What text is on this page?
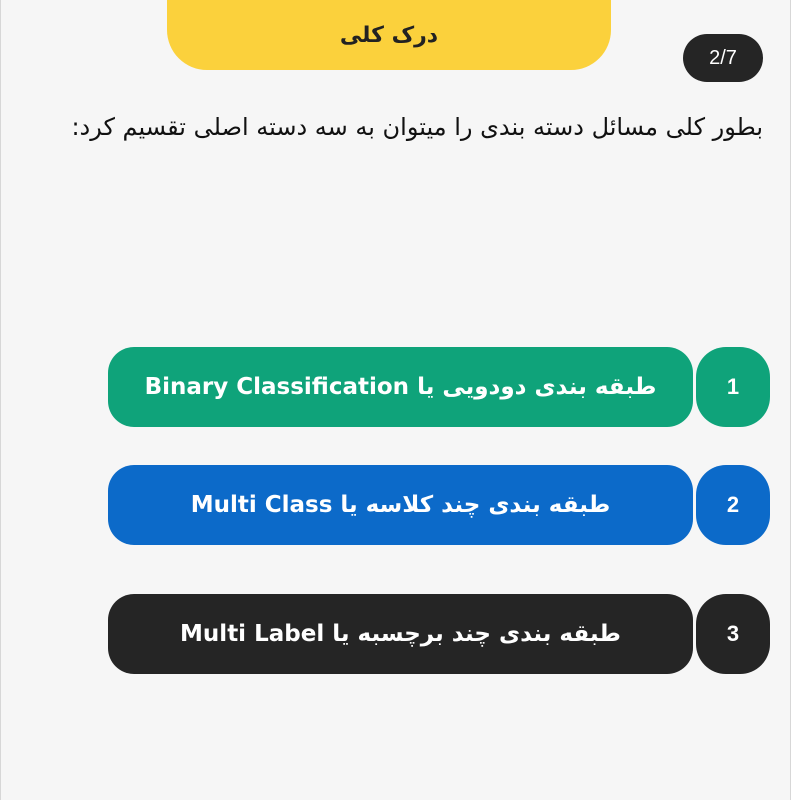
درک کلی
2/7

بطور کلی مسائل دسته بندی را میتوان به سه دسته اصلی تقسیم کرد:

طبقه بندی دودویی یا Binary Classification	1
طبقه بندی چند کلاسه یا Multi Class	2
طبقه بندی چند برچسبه یا Multi Label	3
